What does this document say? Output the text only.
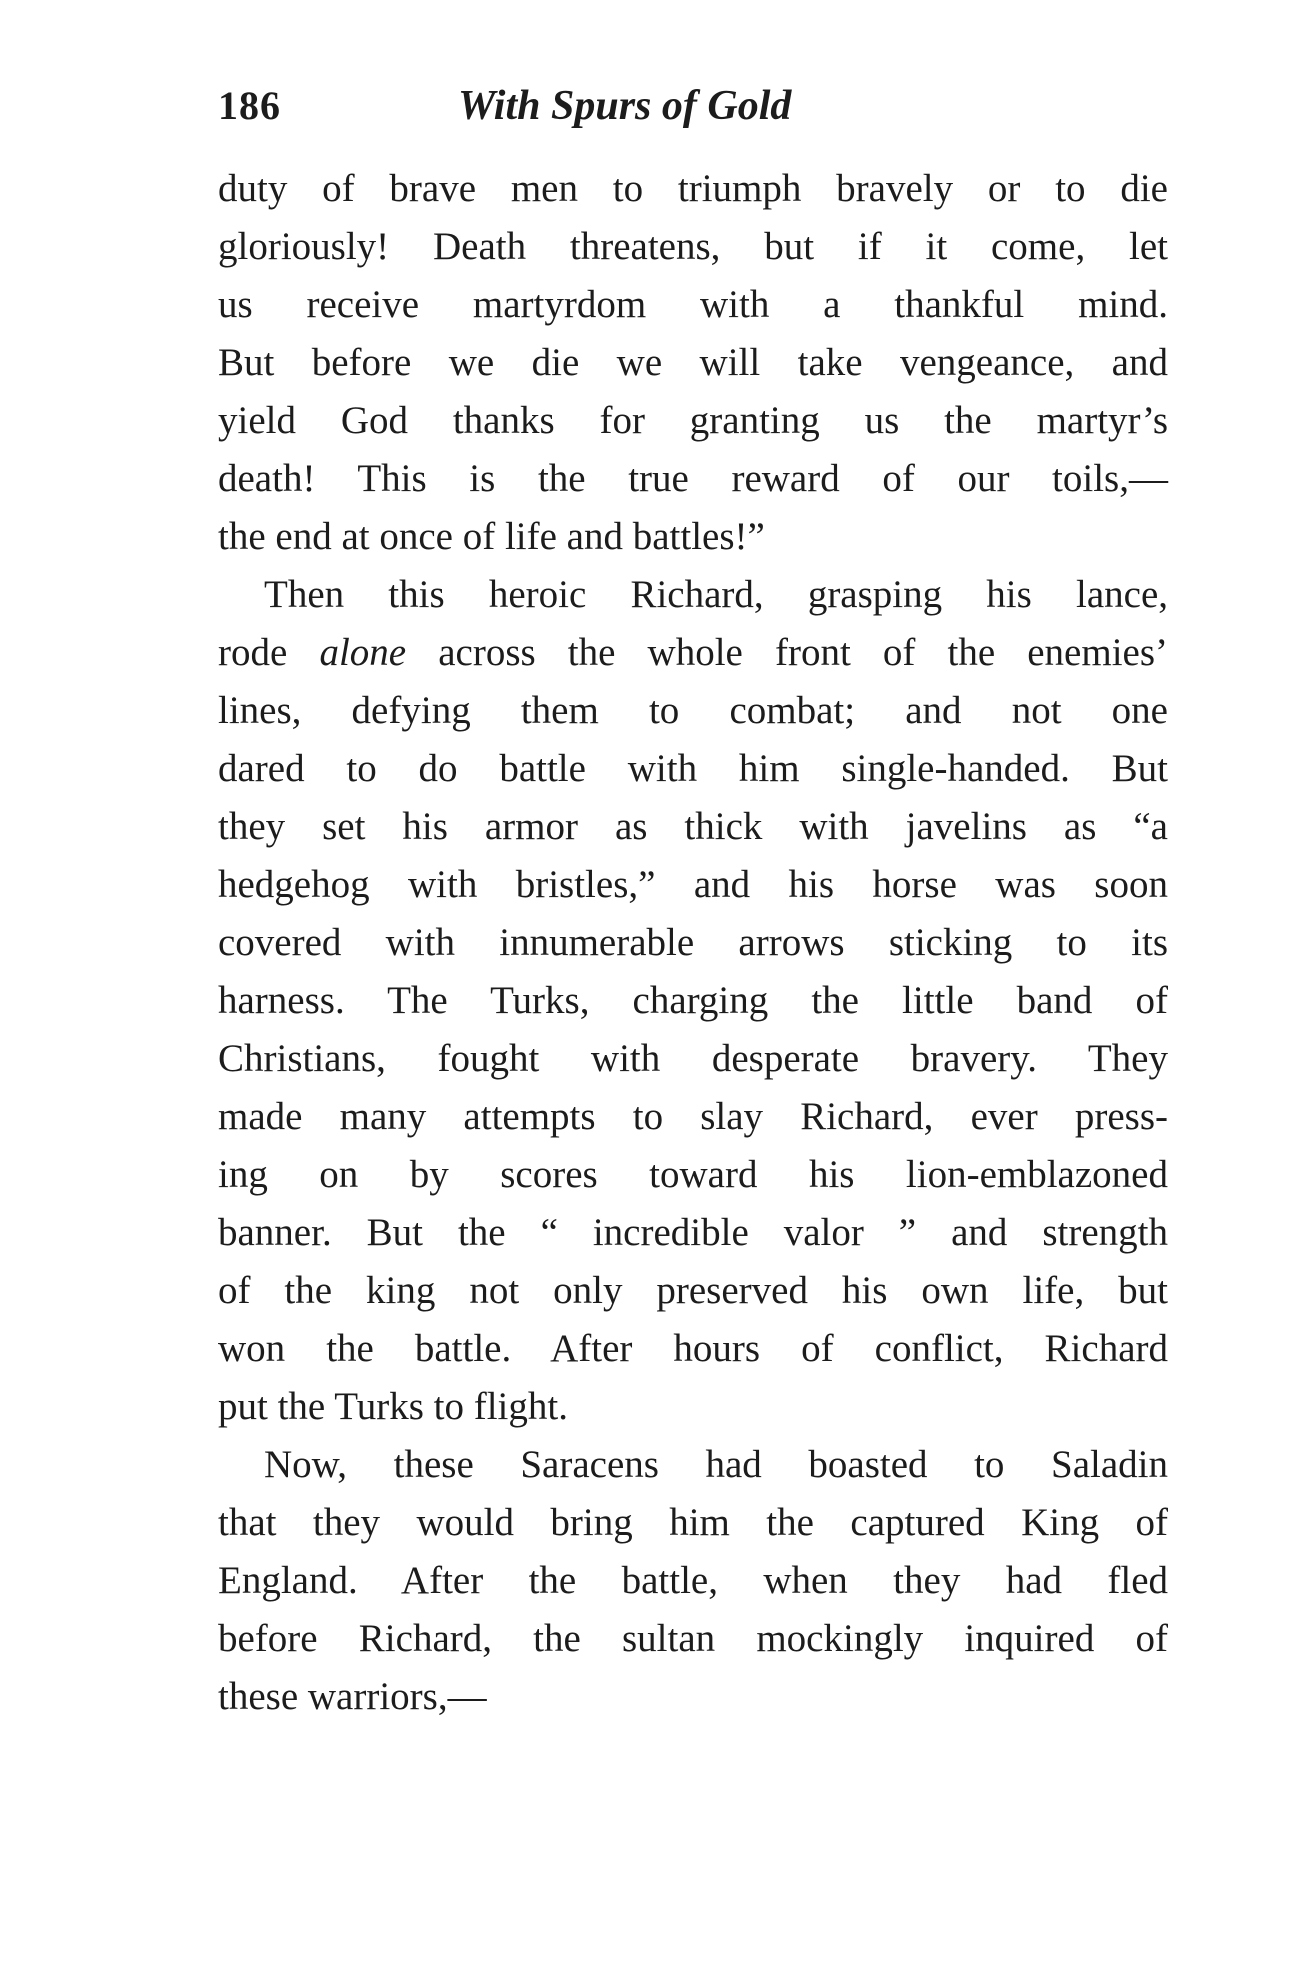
186	With Spurs of Gold
duty of brave men to triumph bravely or to die
gloriously! Death threatens, but if it come, let
us receive martyrdom with a thankful mind.
But before we die we will take vengeance, and
yield God thanks for granting us the martyr’s
death! This is the true reward of our toils,—
the end at once of life and battles!”
Then this heroic Richard, grasping his lance,
rode alone across the whole front of the enemies’
lines, defying them to combat; and not one
dared to do battle with him single-handed. But
they set his armor as thick with javelins as “a
hedgehog with bristles,” and his horse was soon
covered with innumerable arrows sticking to its
harness. The Turks, charging the little band of
Christians, fought with desperate bravery. They
made many attempts to slay Richard, ever press-
ing on by scores toward his lion-emblazoned
banner. But the “ incredible valor ” and strength
of the king not only preserved his own life, but
won the battle. After hours of conflict, Richard
put the Turks to flight.
Now, these Saracens had boasted to Saladin
that they would bring him the captured King of
England. After the battle, when they had fled
before Richard, the sultan mockingly inquired of
these warriors,—
